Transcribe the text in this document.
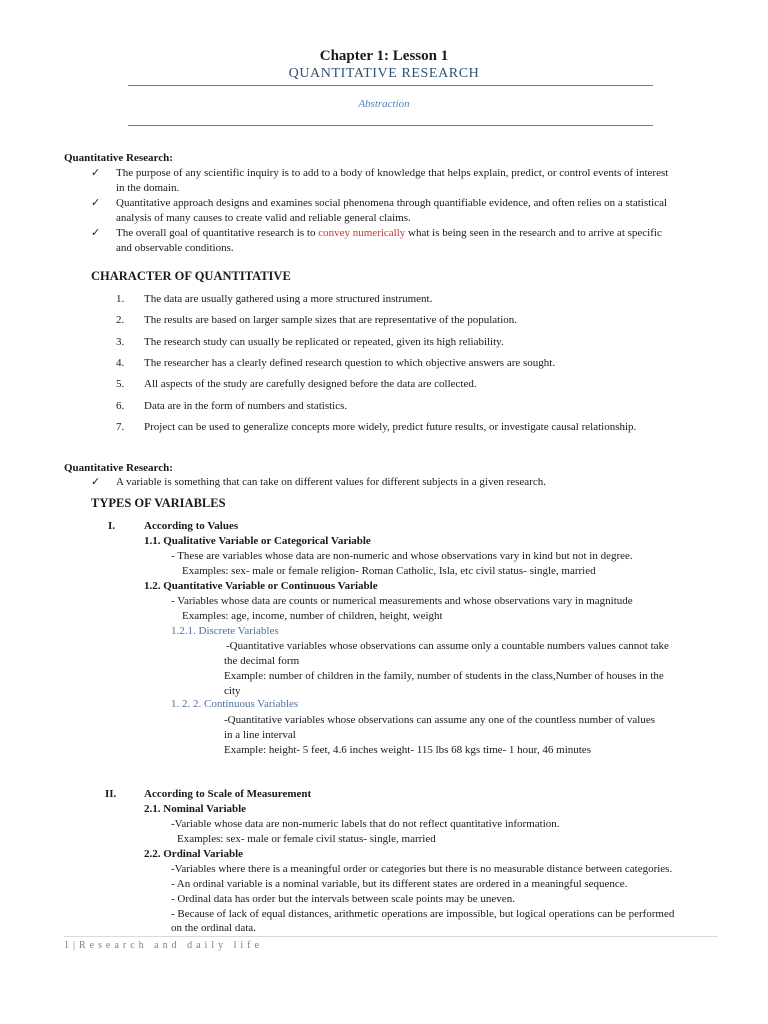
Chapter 1: Lesson 1
QUANTITATIVE RESEARCH
Abstraction
Quantitative Research:
✓ The purpose of any scientific inquiry is to add to a body of knowledge that helps explain, predict, or control events of interest
in the domain.
✓ Quantitative approach designs and examines social phenomena through quantifiable evidence, and often relies on a statistical
analysis of many causes to create valid and reliable general claims.
✓ The overall goal of quantitative research is to convey numerically what is being seen in the research and to arrive at specific
and observable conditions.
CHARACTER OF QUANTITATIVE
1. The data are usually gathered using a more structured instrument.
2. The results are based on larger sample sizes that are representative of the population.
3. The research study can usually be replicated or repeated, given its high reliability.
4. The researcher has a clearly defined research question to which objective answers are sought.
5. All aspects of the study are carefully designed before the data are collected.
6. Data are in the form of numbers and statistics.
7. Project can be used to generalize concepts more widely, predict future results, or investigate causal relationship.
Quantitative Research:
✓ A variable is something that can take on different values for different subjects in a given research.
TYPES OF VARIABLES
I.	According to Values
1.1. Qualitative Variable or Categorical Variable
- These are variables whose data are non-numeric and whose observations vary in kind but not in degree.
Examples: sex- male or female religion- Roman Catholic, Isla, etc civil status- single, married
1.2. Quantitative Variable or Continuous Variable
- Variables whose data are counts or numerical measurements and whose observations vary in magnitude
Examples: age, income, number of children, height, weight
1.2.1. Discrete Variables
-Quantitative variables whose observations can assume only a countable numbers values cannot take
the decimal form
Example: number of children in the family, number of students in the class,Number of houses in the
city
1. 2. 2. Continuous Variables
-Quantitative variables whose observations can assume any one of the countless number of values
in a line interval
Example: height- 5 feet, 4.6 inches weight- 115 lbs 68 kgs time- 1 hour, 46 minutes
II.	According to Scale of Measurement
2.1. Nominal Variable
-Variable whose data are non-numeric labels that do not reflect quantitative information.
Examples: sex- male or female civil status- single, married
2.2. Ordinal Variable
-Variables where there is a meaningful order or categories but there is no measurable distance between categories.
- An ordinal variable is a nominal variable, but its different states are ordered in a meaningful sequence.
- Ordinal data has order but the intervals between scale points may be uneven.
- Because of lack of equal distances, arithmetic operations are impossible, but logical operations can be performed
on the ordinal data.
1|Research and daily life
